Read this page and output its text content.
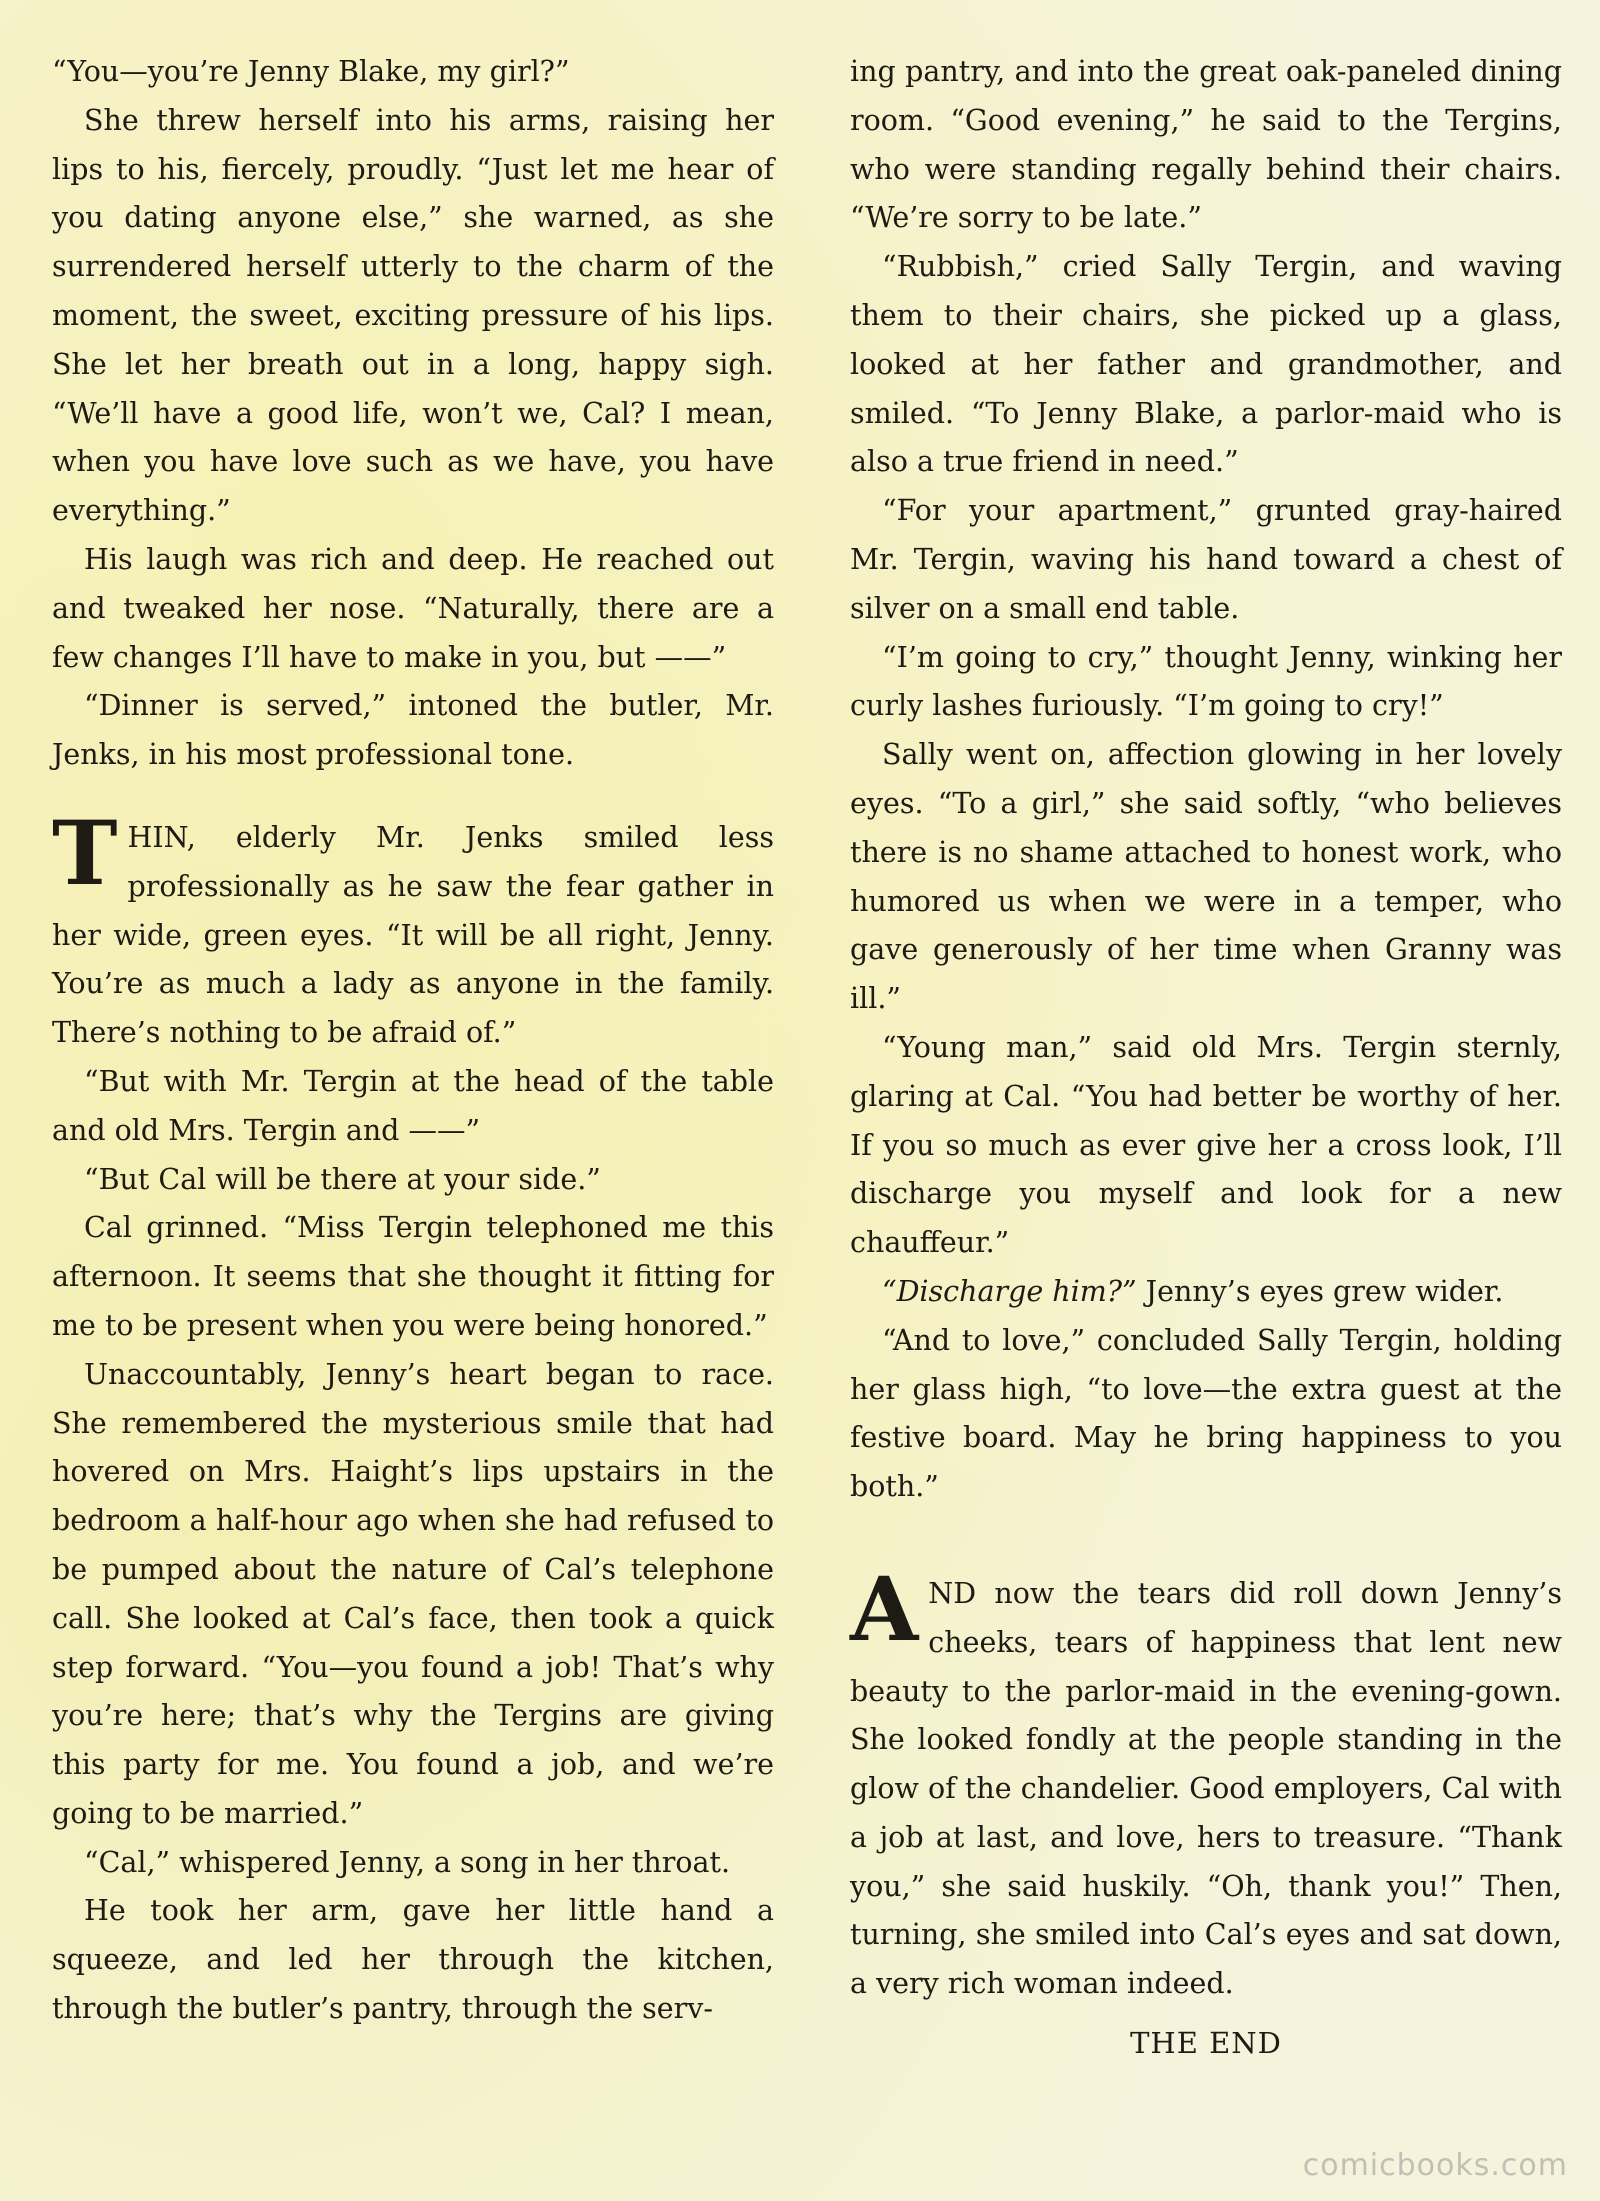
“You—you’re Jenny Blake, my girl?”

She threw herself into his arms, raising her lips to his, fiercely, proudly. “Just let me hear of you dating anyone else,” she warned, as she surrendered herself utterly to the charm of the moment, the sweet, exciting pressure of his lips. She let her breath out in a long, happy sigh. “We’ll have a good life, won’t we, Cal? I mean, when you have love such as we have, you have everything.”

His laugh was rich and deep. He reached out and tweaked her nose. “Naturally, there are a few changes I’ll have to make in you, but ——”

“Dinner is served,” intoned the butler, Mr. Jenks, in his most professional tone.

THIN, elderly Mr. Jenks smiled less professionally as he saw the fear gather in her wide, green eyes. “It will be all right, Jenny. You’re as much a lady as anyone in the family. There’s nothing to be afraid of.”

“But with Mr. Tergin at the head of the table and old Mrs. Tergin and ——”

“But Cal will be there at your side.”

Cal grinned. “Miss Tergin telephoned me this afternoon. It seems that she thought it fitting for me to be present when you were being honored.”

Unaccountably, Jenny’s heart began to race. She remembered the mysterious smile that had hovered on Mrs. Haight’s lips upstairs in the bedroom a half-hour ago when she had refused to be pumped about the nature of Cal’s telephone call. She looked at Cal’s face, then took a quick step forward. “You—you found a job! That’s why you’re here; that’s why the Tergins are giving this party for me. You found a job, and we’re going to be married.”

“Cal,” whispered Jenny, a song in her throat.

He took her arm, gave her little hand a squeeze, and led her through the kitchen, through the butler’s pantry, through the serv-

ing pantry, and into the great oak-paneled dining room. “Good evening,” he said to the Tergins, who were standing regally behind their chairs. “We’re sorry to be late.”

“Rubbish,” cried Sally Tergin, and waving them to their chairs, she picked up a glass, looked at her father and grandmother, and smiled. “To Jenny Blake, a parlor-maid who is also a true friend in need.”

“For your apartment,” grunted gray-haired Mr. Tergin, waving his hand toward a chest of silver on a small end table.

“I’m going to cry,” thought Jenny, winking her curly lashes furiously. “I’m going to cry!”

Sally went on, affection glowing in her lovely eyes. “To a girl,” she said softly, “who believes there is no shame attached to honest work, who humored us when we were in a temper, who gave generously of her time when Granny was ill.”

“Young man,” said old Mrs. Tergin sternly, glaring at Cal. “You had better be worthy of her. If you so much as ever give her a cross look, I’ll discharge you myself and look for a new chauffeur.”

“Discharge him?” Jenny’s eyes grew wider.

“And to love,” concluded Sally Tergin, holding her glass high, “to love—the extra guest at the festive board. May he bring happiness to you both.”

AND now the tears did roll down Jenny’s cheeks, tears of happiness that lent new beauty to the parlor-maid in the evening-gown. She looked fondly at the people standing in the glow of the chandelier. Good employers, Cal with a job at last, and love, hers to treasure. “Thank you,” she said huskily. “Oh, thank you!” Then, turning, she smiled into Cal’s eyes and sat down, a very rich woman indeed.

THE END
comicbooks.com
